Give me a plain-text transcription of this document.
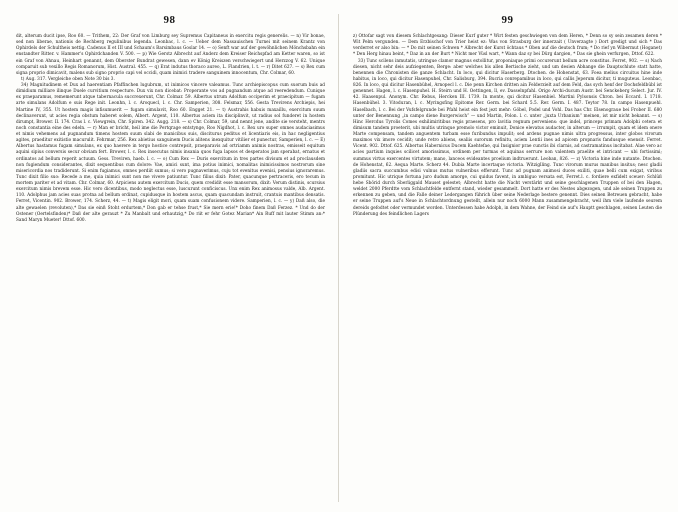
98

dit, alterum ducit ipse, Roo 60. — Trithem, 22: Der Graf von Limburg sey Supremus Capitaneus in exercitu regis generelis. — n) Vir bonae, sed non liberae, nationis de Rechberg regulinibus legenda. Leonbac, l. c. — Ueber dem Nassauischen Turnei mit seinem Krantz von Ophirdels der Schultheis nettig. Cadenus II et III und Schaum's Barsimbaus Goslar 14. — o) Senft war auf der gewöhnlichen Mönchsbahn ein enstandter Ritter. v. Hammer's Ophirdchanden V. 500. — p) Wie Gerstz Albrecht auf Anderz dem Kreiser Reichspfad am Ketter waren, so ist ein Graf von Ahnau, Heinhart genannt, dem Oberster Bundrat gewesen, dann ev König Kreiszen verschwiegert und Herzzog V. 62. Unique comparuit sub vexillo Regis Romanorum, Hist. Austral. 455. — q) Erat indutus thoraco aureo, L. Flandrien, l. t. — r) Ditet 627. — s) Rex cum signa proprio dimicavit, malens sub signo proprio capi vel occidi, quam inimici tradere sanguinem innocentum, Chr. Colmar, 60.

t) Aug. 317. Vergleiche oben Note 30 bis 3.

34) Magnitudinem et Dux ad haerentiam Pfaffinchen lugubrum, ut inimicos vincere valeamus. Tunc archiepiscopus cum suorum buis ad dimidium milliare ilinque Duele curvitium respecture. Dux vix non dicebat: Properante vos ad pugnandum atque ad reeredendum. Cunique ex praeparamus, rememerunt atque tabernacula succrexerunt, Chr. Colmar. 59. Albertus utrum Adolfum occiperim et praecipitum — fugam arte simulans Adolfum e suis Rege init. Leonhn, l. c. Aroquecl, l. c. Chr. Samperien, 308. Felsmar, 556. Gesta Trevirens Archiepis, hei Martine IV, 355. Ut hostem magis infisumuerit — fugam simulavit, Roo 60. Engget 21. — t) Austrahis habuis maxaillu, exercitum suum declinaverunt, ut acies regia obstum haberet solem, Albert. Argent, 110. Albertus aciem ita disciplinvit, ut radius sol funderet in hostem dirumpt, Brower. II. 174. Cras l. c. Viewgrein, Chr. Spiren. 342. Augg. 218. — s) Chr. Colmar, 59, und nennt jene, andite sie versteht, mentrs noch constantia eine des edeln. — r) Man er bricht, heil ime die Pertqrage entstynge, Roo Nigdhot, l. c. Rex uro super omnes audaciasimus et nimis vehemens ad pugnandum timens hostem suum slabi de manicibus suis, disciturus peditus et licentiaris eis, in hac negligentius agites, praeditur exitistio macurulit. Fehrmar, 256. Rex abietius sanguinem Ducis alitens inexquitur vitilier et punectur, Samperien, l. c. — E) Albertus hastamus fugam simulans, ex quo haerere in tergo hostice contrepsit, praeparavis ad ortriamm animis nostras, emisseit equitum aquini sipius conversis secur obviam fert. Brower, l. c. Rex insecutus nimis insania quos fuga lapsos et desperatos jam sperabat, ernatus et ordinatos ad bellum reperit actuum. Gess. Treviren, haeb. l. c. — o) Cum Rex — Duris exercitum in tres partes divisum et ad proclausdem non fugiendum considerantes, dixit sequentibus cum dolore: Vae, amici sunt, ima potius inimici, nomalitas inimicissimos nostrorum sine misericordia nos tradiderunt. Si enim fugiamus, omnes perdiit sumus; si vero pugnaverimus, cuju tot evenitus evenisi, pensius ignoraremus. Tunc dixit filio suo: Recede a me, quia inimici sunt non me vivere patiuntur. Tunc filius dixit: Pater, quacunque pertraceris, ero tecum in mortem pariter et ad vitam. Chr. Colmar, 60. Arpiciens autem exercitum Ducis, quem credidit esse mansorum, dixit: Verum distinis, scursius exercitum nimis brevem esse. Hic vero dicentibus, modo neglectus esse, luscurunt conficiscus. Unx enim Rex animosus valde, Alb. Argent. 110. Adolphus jam acies suas protna ad bellum ordinat, cupidusque in hostem ascus, quam quacundam instruit, crantuis mantibus densatis. Ferret, Vicentin. 902. Brower, 174. Scherz, 44. — t) Magis eligit mori, quam suam confusionem videre. Samperien, l. c. — y) Daß also, die alte gewaelen (revoluten),* Das sie einß Stoht erdurtem,* Don gab er tehse frust,* Sie mern erie!* Doho finem Daß Ferzez. * Und do der Ostener (Oertelsfinden)* Daß der alte gerauzt * Zu Manbalt und erhautzig,* Do riit er fehr Gotez Marian* Ain Ruff mit lauter Stimm an:* Sand Maryn Mueter! Dttof. 600.

99

z) Ottofar sagt von diesem Schlachtgesang: Dieser Kurf guter * Wirt festen geschwiegen von dem Heren, * Denn so sy sein zesamen deren * Wit Pelm vergunden. — Dem Erzbischof von Trier heist ez: Was von Strasburg der innerzait ( Unverzagte ) Dort gredigt und sich * Das verderret er also bin: — * Do mit seinen Schwen * Albrecht der Kurst öchtaus * Oben auf die deutsch frum; * Do rief yn Wibermut (Hoganet) * Den Herg hinau beint, * Daz in an der Burt * Nicht mer Vüsl wart, * Wann daz sy bei Dürg dargien, * Das sie ghein verfurgen, Dttof. 622.

33) Tunc scilens inmutatis, utringue clamor magnus extollitur, proponiaque primi occurerunt bellum acre constitus. Ferret, 902. — s) Nach diesen, nicht sehr deis aufziegenten, Berge: aber welches bis allen Bertische zieht, und um desien Abhange die Dauptschlute statt hatte, benennen die Chronisten die ganze Schlacht. In loco, qui dicitur Haserberg. Dtochen. de Hohenstat, 63. Foea melius circuitus hine inde habitus, in loco, qui dicitur Hasenpuhel, Chr. Salisburg, 394. Bucria conrepamibus in loco, qui callis Jeperum dicitur, ti muguteus. Leonbac, 826. In loco, qui dicitur Hasenbühel, Arnopecl l. c. Die penn Kirchen dritten ain Felderzielt auf dem Feld, das sych henf der Dochsfeldbübl ist genennet. Hagen, l. c. Hasenpuhel. H. Steirn und H. Oettingen, ll, ev. Dasselnpfahl. Origo Archi-ducum Austr. bei Senckeberg Select. Jur. IV. 42. Haasenpul. Anonym. Chr. Rebus, Hercken III. 1739. In monte, qui dicitur Hasenbiel. Martini Pylsonsis Chron. bei Eccard. I. 1718. Hasenbühel. 3. Vitoduran, l. c. Myringsfing Epitome Rer. Germ. bei Schard 5.5. Rer. Germ. I. 487. Teytor 78. In campo Hasenpuehl. Haselbach, l. c. Bei der Vufsfelgrunde bei Pfahl heist ein fest jezt mehr: Göbel, Podel und Vohl. Das has Chr. Elsenograue bei Frober II. 680 unter der Benennung „in campo diene Burgerwisch“ — und Martin, Polon. l. c. unter „juxta Urbanium“ meinen, ist mir nicht bekannt. — s) Hinc Hercdus Tyrolis Comes exhilimiritibus regis praesens, pro lavitia regnum perveniens: que indel, princeps primam Adolphi cetera et dimisum tandem proeterit, ubi multis utrinque premolo victor eminuit, Donice elevatus audacter, in alterum — irrumpit, quam et idem onere Marte compensam, tandem anguentem turbam esse furibundus impulit; sed ardens pugnae nimis ultra progressus, inter globos virorum maximos vix imore cecidit; unde retro abiens, sealiis surorum refinitu, aciem Lentii ines ad apicem propnaris fandusque enensit. Ferret. Vicent. 902. Dttof. 625. Albertus Habernicus Ducem Kaehtefae, qui Insignior prae cunctis ibi clarnis, ad castramatinus incitabat. Alae vero ac acies partium inquies scilicet amorissimus, ordinem per turmas et aquinas serrure non valentem praelite et intricant — ubi fortissimi; summus virtus exercentes virtutem; mano, lanceos evideantes proelium indtruerunt. Leoban, 826. — z) Victoria hine inde nutante. Dtochen. de Hohenstat, 62. Aequa Marte. Scherz 44. Dubia Marte incertaque victoria. Witziglling. Tunc virorum murus manibus insitus; nesc gladii gladiis sacra succumbus edisi vulnus mutus vulneribus efferunt. Tunc ad pugnam animosi duces exiliti, quae belli cum exigat, viribus promitunt. Hic utrique fortuna juro dudum amorge, cui quidus favent, in ambiguo versata est, Ferret.l. c. fordiere exfidelt sceuer: Schlüß hebe Sbörid durch Sberliggald Mauset gelestet; Albrecht hatte die Nacht verstärkt und seine geschlagenen Truppen of bei den Hagen, weldet 2000 Pferdtte vom Schlachtfelde entfernt stand, wieder gesammelt. Dort hatte er des Nestes abgezogen, und ale seinen Truppen zu erkennen zu geben, und die Falle deiner Ledergangen führich über seine Nederlage bestere genennt. Dies seinen Betreuen gebracht, habe er seine Truppen auf's Neue in Schlachtordnung gestellt, allein nur noch 6000 Mann zusammengebracht, weil ihm viele laufende seurem dereids gefodtet oder vermundet worden. Unterdessen habe Adolph, in dem Wahne, der Feind sie auf's Hauptt geschlagen, seinen Leuten die Plünderung des feindlichen Lagers
